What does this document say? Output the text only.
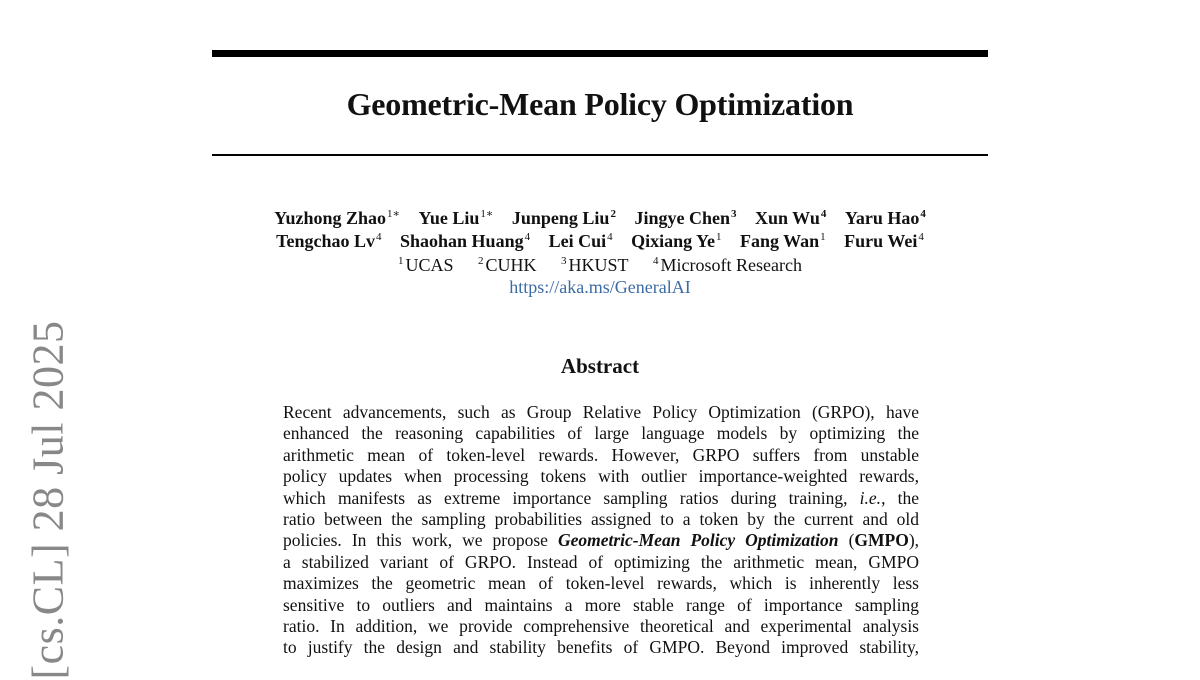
Geometric-Mean Policy Optimization
Yuzhong Zhao$^{1∗}$ Yue Liu$^{1∗}$ Junpeng Liu$^2$ Jingye Chen$^3$ Xun Wu$^4$ Yaru Hao$^4$
Tengchao Lv$^4$ Shaohan Huang$^4$ Lei Cui$^4$ Qixiang Ye$^1$ Fang Wan$^1$ Furu Wei$^4$
$^1$ UCAS $^2$ CUHK $^3$ HKUST $^4$ Microsoft Research
https://aka.ms/GeneralAI
Abstract
Recent advancements, such as Group Relative Policy Optimization (GRPO), have
enhanced the reasoning capabilities of large language models by optimizing the
arithmetic mean of token-level rewards. However, GRPO suffers from unstable
policy updates when processing tokens with outlier importance-weighted rewards,
which manifests as extreme importance sampling ratios during training, i.e., the
ratio between the sampling probabilities assigned to a token by the current and old
policies. In this work, we propose Geometric-Mean Policy Optimization (GMPO),
a stabilized variant of GRPO. Instead of optimizing the arithmetic mean, GMPO
maximizes the geometric mean of token-level rewards, which is inherently less
sensitive to outliers and maintains a more stable range of importance sampling
ratio. In addition, we provide comprehensive theoretical and experimental analysis
to justify the design and stability benefits of GMPO. Beyond improved stability,
[cs.CL] 28 Jul 2025
